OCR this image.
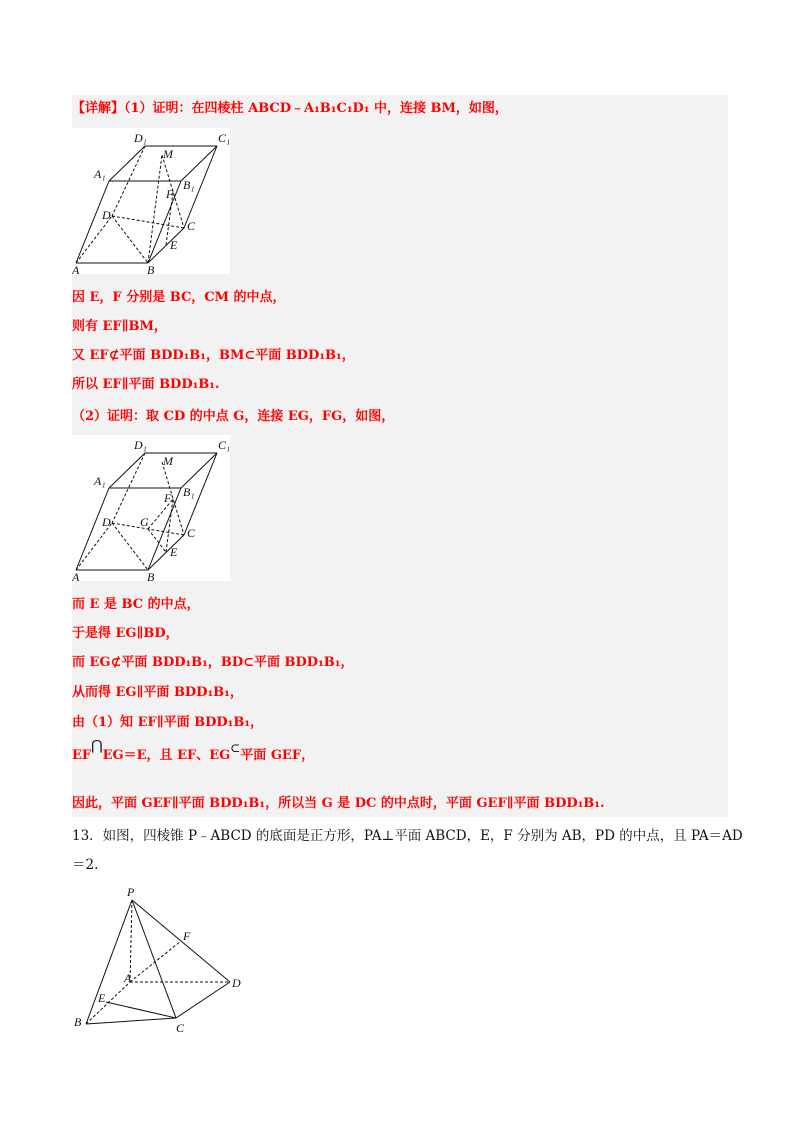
【详解】（1）证明：在四棱柱 ABCD﹣A₁B₁C₁D₁ 中，连接 BM，如图，
D₁	C₁
M
A₁
B₁
F
D
C
E
A	B
因 E，F 分别是 BC，CM 的中点，
则有 EF∥BM，
又 EF⊄平面 BDD₁B₁，BM⊂平面 BDD₁B₁，
所以 EF∥平面 BDD₁B₁.
（2）证明：取 CD 的中点 G，连接 EG，FG，如图，
D₁	C₁
M
A₁
B₁
F
D G
C
E
A	B
而 E 是 BC 的中点，
于是得 EG∥BD，
而 EG⊄平面 BDD₁B₁，BD⊂平面 BDD₁B₁，
从而得 EG∥平面 BDD₁B₁，
由（1）知 EF∥平面 BDD₁B₁，
EF⋂EG＝E，且 EF、EG⊂平面 GEF，
因此，平面 GEF∥平面 BDD₁B₁，所以当 G 是 DC 的中点时，平面 GEF∥平面 BDD₁B₁.
13．如图，四棱锥 P﹣ABCD 的底面是正方形，PA⊥平面 ABCD，E，F 分别为 AB，PD 的中点，且 PA＝AD
＝2.
P
F
A	D
E
B	C
